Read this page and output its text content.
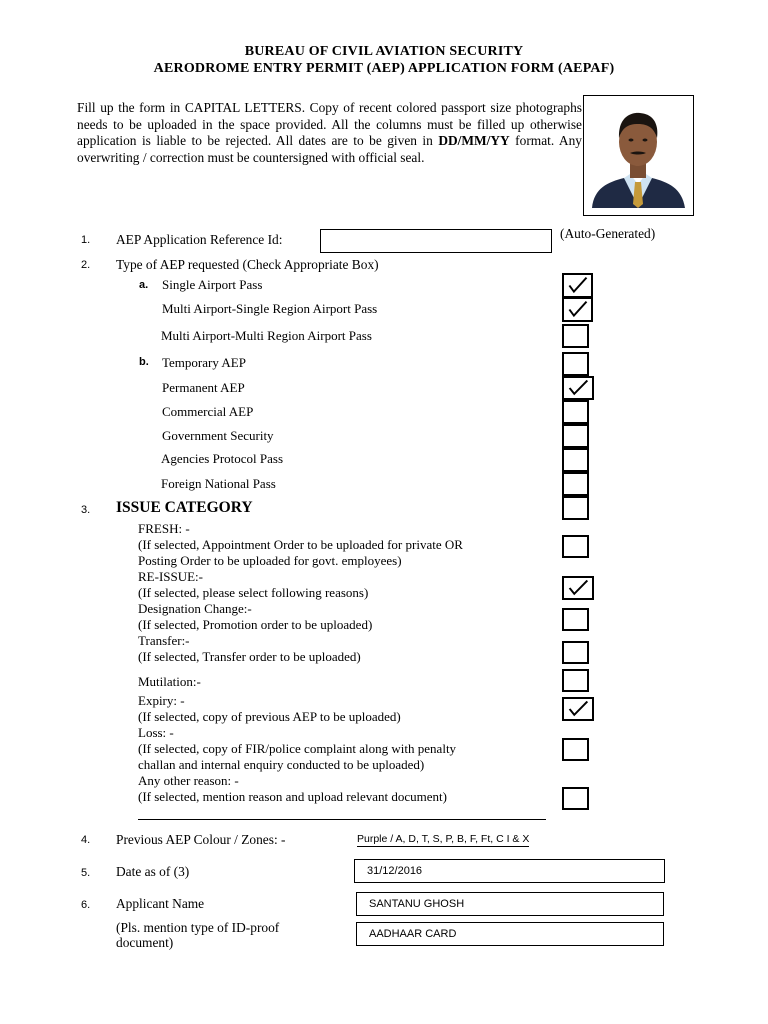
BUREAU OF CIVIL AVIATION SECURITY
AERODROME ENTRY PERMIT (AEP) APPLICATION FORM (AEPAF)
Fill up the form in CAPITAL LETTERS. Copy of recent colored passport size photographs needs to be uploaded in the space provided. All the columns must be filled up otherwise application is liable to be rejected. All dates are to be given in DD/MM/YY format. Any overwriting / correction must be countersigned with official seal.
1. AEP Application Reference Id:	(Auto-Generated)
2. Type of AEP requested (Check Appropriate Box)
a. Single Airport Pass
Multi Airport-Single Region Airport Pass
Multi Airport-Multi Region Airport Pass
b. Temporary AEP
Permanent AEP
Commercial AEP
Government Security
Agencies Protocol Pass
Foreign National Pass
3. ISSUE CATEGORY
FRESH: -
(If selected, Appointment Order to be uploaded for private OR
Posting Order to be uploaded for govt. employees)
RE-ISSUE:-
(If selected, please select following reasons)
Designation Change:-
(If selected, Promotion order to be uploaded)
Transfer:-
(If selected, Transfer order to be uploaded)
Mutilation:-
Expiry: -
(If selected, copy of previous AEP to be uploaded)
Loss: -
(If selected, copy of FIR/police complaint along with penalty
challan and internal enquiry conducted to be uploaded)
Any other reason: -
(If selected, mention reason and upload relevant document)
4. Previous AEP Colour / Zones: -	Purple / A, D, T, S, P, B, F, Ft, C I & X
5. Date as of (3)	31/12/2016
6. Applicant Name	SANTANU GHOSH
(Pls. mention type of ID-proof
document)
AADHAAR CARD
